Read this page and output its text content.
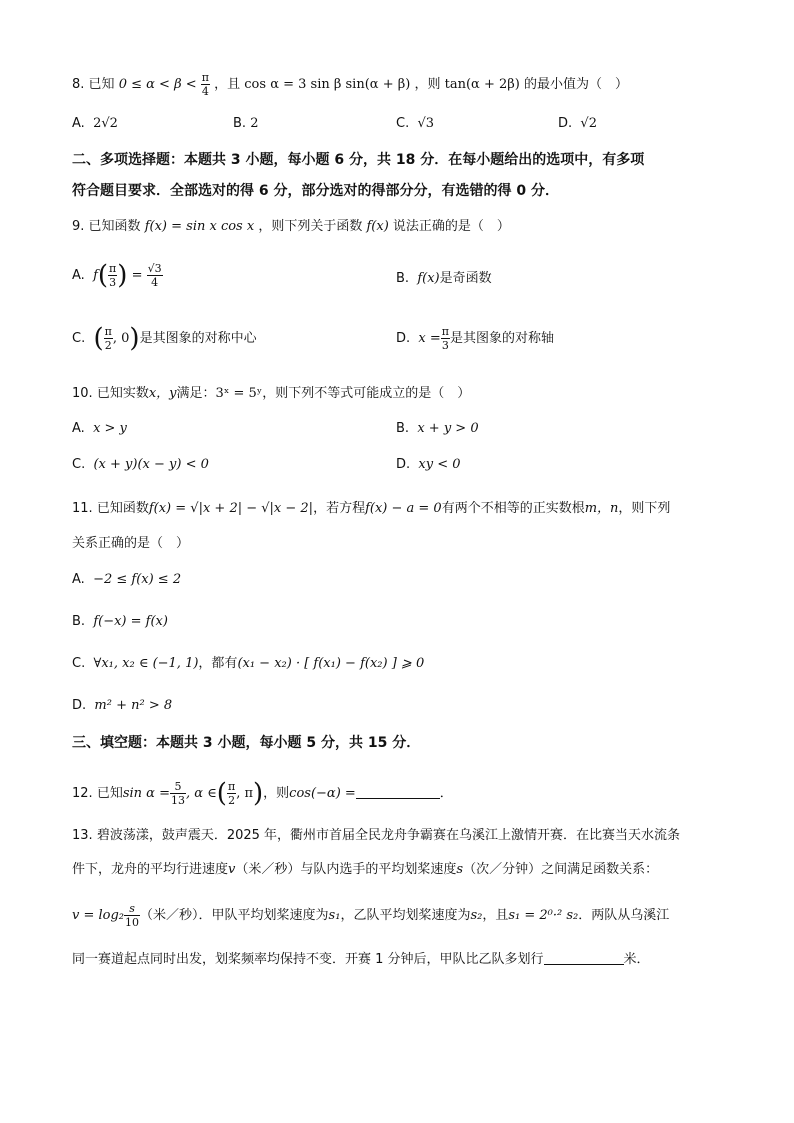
8. 已知 $0 \le \alpha < \beta < \frac{\pi}{4}$ ，且 cos α = 3 sin β sin(α + β) ，则 tan(α + 2β) 的最小值为（　）
A. 2√2	B. 2	C. √3	D. √2
二、多项选择题：本题共 3 小题，每小题 6 分，共 18 分．在每小题给出的选项中，有多项
符合题目要求．全部选对的得 6 分，部分选对的得部分分，有选错的得 0 分．
9. 已知函数 f(x) = sin x cos x ，则下列关于函数 f(x) 说法正确的是（　）
A. $f( \frac{\pi}{3}$ ) = $\frac{√3}{4}$	B. f(x)是奇函数
C. ( $\frac{\pi}{2}$ , 0)是其图象的对称中心	D. $x = \frac{\pi}{3}$ 是其图象的对称轴
10. 已知实数x，y满足：3ˣ = 5ʸ，则下列不等式可能成立的是（　）
A. x > y	B. x + y > 0
C. (x + y)(x − y) < 0	D. xy < 0
11. 已知函数f(x) = √|x + 2| − √|x − 2|，若方程f(x) − a = 0有两个不相等的正实数根m，n，则下列
关系正确的是（　）
A. −2 ≤ f(x) ≤ 2
B. f(−x) = f(x)
C. ∀x₁, x₂ ∈ (−1, 1)，都有(x₁ − x₂) · [ f(x₁) − f(x₂) ] ⩾ 0
D. m² + n² > 8
三、填空题：本题共 3 小题，每小题 5 分，共 15 分．
12. 已知$\sin \alpha = \frac{5}{13}$ , α ∈( $\frac{\pi}{2}$ , π)，则cos(−α) =	．
13. 碧波荡漾，鼓声震天．2025 年，衢州市首届全民龙舟争霸赛在乌溪江上激情开赛．在比赛当天水流条
件下，龙舟的平均行进速度v（米／秒）与队内选手的平均划桨速度s（次／分钟）之间满足函数关系：
$v = \log_2 \frac{s}{10}$ （米／秒）．甲队平均划桨速度为s₁，乙队平均划桨速度为s₂，且s₁ = 2⁰·² s₂．两队从乌溪江
同一赛道起点同时出发，划桨频率均保持不变．开赛 1 分钟后，甲队比乙队多划行	米．
